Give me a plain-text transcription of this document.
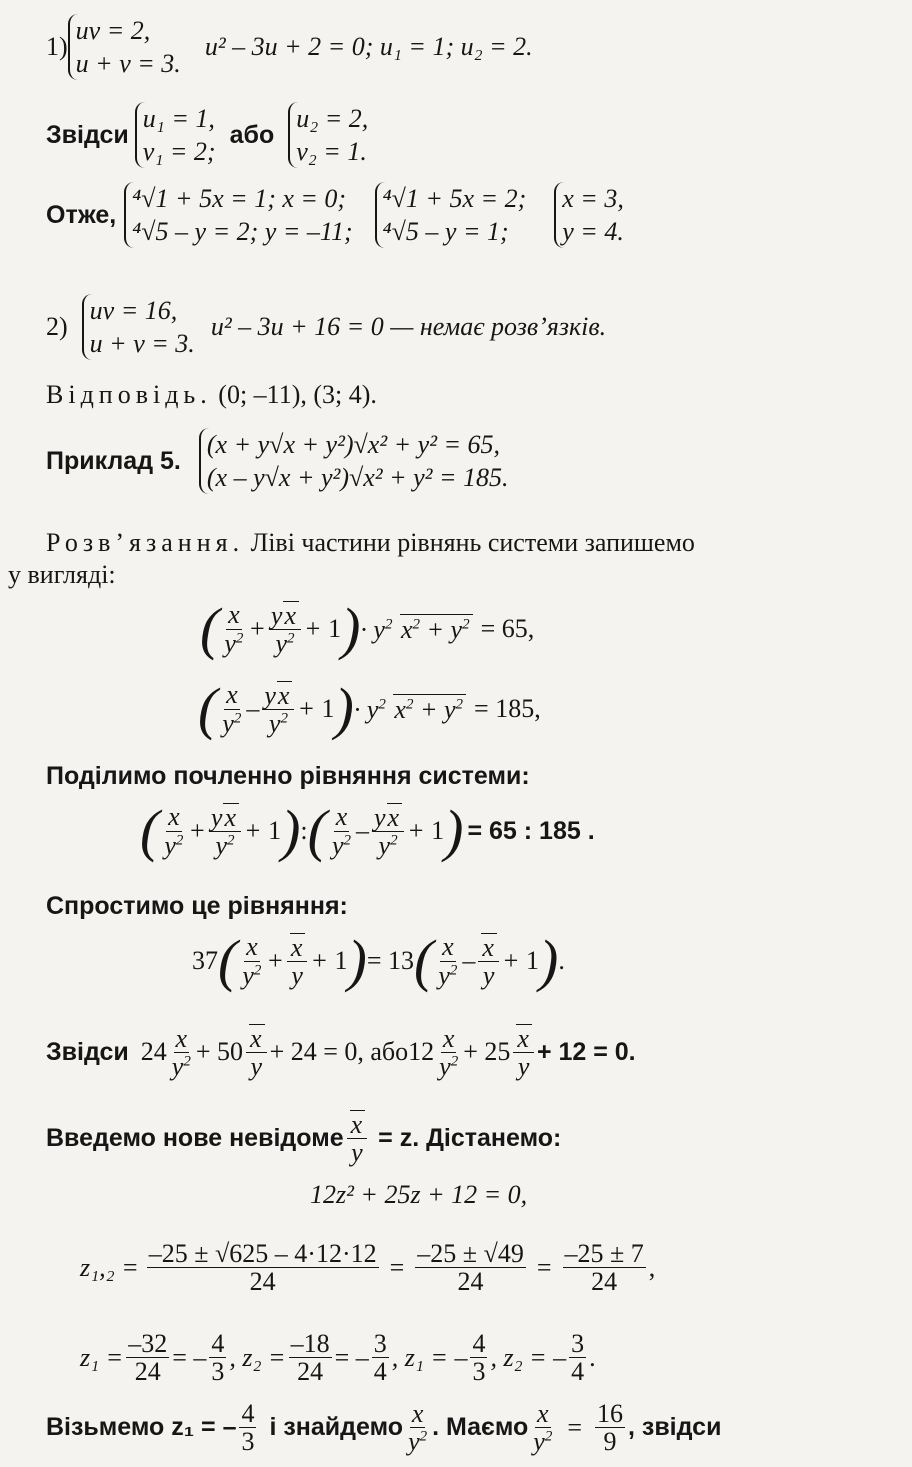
1)
uv = 2,
u + v = 3.
u² – 3u + 2 = 0; u₁ = 1; u₂ = 2.
Звідси
u₁ = 1,
v₁ = 2;
або
u₂ = 2,
v₂ = 1.
Отже,
⁴√1 + 5x = 1; x = 0;
⁴√5 – y = 2; y = –11;
⁴√1 + 5x = 2;
⁴√5 – y = 1;
x = 3,
y = 4.
2)
uv = 16,
u + v = 3.
u² – 3u + 16 = 0 — немає розв’язків.
Відповідь. (0; –11), (3; 4).
Приклад 5.
(x + y√x + y²)√x² + y² = 65,
(x – y√x + y²)√x² + y² = 185.
Розв’язання. Ліві частини рівнянь системи запишемо
у вигляді:
( $\frac{x}{y^2} + \frac{yx}{y^2} + 1$ ) · $y^2$ $x^2 + y^2 = 65$,
( $\frac{x}{y^2} - \frac{yx}{y^2} + 1$ ) · $y^2$ $x^2 + y^2 = 185$,
Поділимо почленно рівняння системи:
( $\frac{x}{y^2} + \frac{yx}{y^2} + 1$ ) : ( $\frac{x}{y^2} - \frac{yx}{y^2} + 1$ ) = 65 : 185 .
Спростимо це рівняння:
37 ( $\frac{x}{y^2} + \frac{x}{y} + 1$ ) = 13 ( $\frac{x}{y^2} - \frac{x}{y} + 1$ ) .
Звідси $24 \frac{x}{y^2} + 50 \frac{x}{y} + 24 = 0$, або $12 \frac{x}{y^2} + 25 \frac{x}{y} + 12 = 0$.
Введемо нове невідоме $\frac{x}{y} = z$. Дістанемо:
12z² + 25z + 12 = 0,
$z_1,_2 = \frac{-25 \pm √625 - 4\cdot 12\cdot 12}{24} = \frac{-25 \pm √49}{24} = \frac{-25 \pm 7}{24}$ ,
$z_1 = \frac{-32}{24}$ = – $\frac{4}{3}$ , $z_2 = \frac{-18}{24}$ = – $\frac{3}{4}$ , z₁ = – $\frac{4}{3}$ , z₂ = – $\frac{3}{4}$ .
Візьмемо z₁ = – $\frac{4}{3}$ і знайдемо $\frac{x}{y^2}$ . Маємо $\frac{x}{y^2} = \frac{16}{9}$ , звідси
